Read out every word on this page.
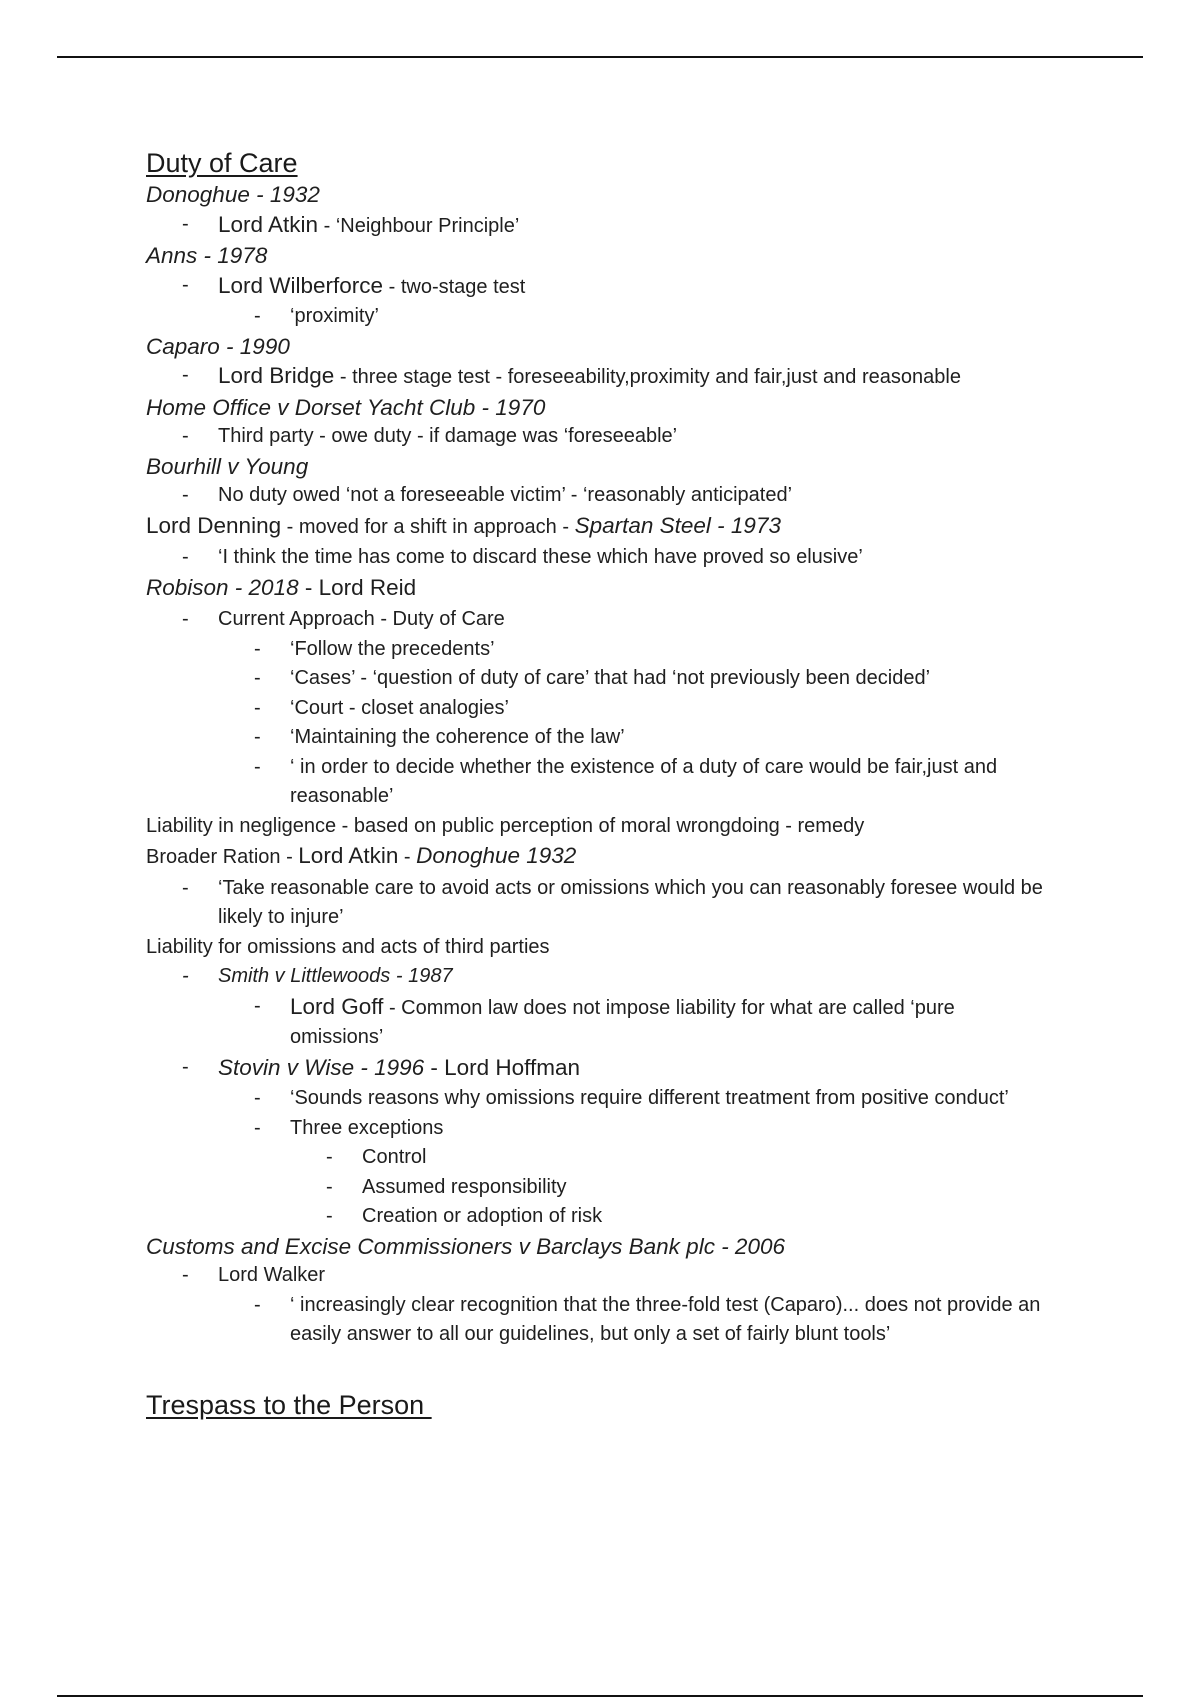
Duty of Care
Donoghue - 1932
- Lord Atkin - ‘Neighbour Principle’
Anns - 1978
- Lord Wilberforce - two-stage test
- ‘proximity’
Caparo - 1990
- Lord Bridge - three stage test - foreseeability,proximity and fair,just and reasonable
Home Office v Dorset Yacht Club - 1970
- Third party - owe duty - if damage was ‘foreseeable’
Bourhill v Young
- No duty owed ‘not a foreseeable victim’ - ‘reasonably anticipated’
Lord Denning - moved for a shift in approach - Spartan Steel - 1973
- ‘I think the time has come to discard these which have proved so elusive’
Robison - 2018 - Lord Reid
- Current Approach - Duty of Care
- ‘Follow the precedents’
- ‘Cases’ - ‘question of duty of care’ that had ‘not previously been decided’
- ‘Court - closet analogies’
- ‘Maintaining the coherence of the law’
- ‘ in order to decide whether the existence of a duty of care would be fair,just and reasonable’
Liability in negligence - based on public perception of moral wrongdoing - remedy
Broader Ration - Lord Atkin - Donoghue 1932
- ‘Take reasonable care to avoid acts or omissions which you can reasonably foresee would be likely to injure’
Liability for omissions and acts of third parties
- Smith v Littlewoods - 1987
- Lord Goff - Common law does not impose liability for what are called ‘pure omissions’
- Stovin v Wise - 1996 - Lord Hoffman
- ‘Sounds reasons why omissions require different treatment from positive conduct’
- Three exceptions
- Control
- Assumed responsibility
- Creation or adoption of risk
Customs and Excise Commissioners v Barclays Bank plc - 2006
- Lord Walker
- ‘ increasingly clear recognition that the three-fold test (Caparo)... does not provide an easily answer to all our guidelines, but only a set of fairly blunt tools’
Trespass to the Person
